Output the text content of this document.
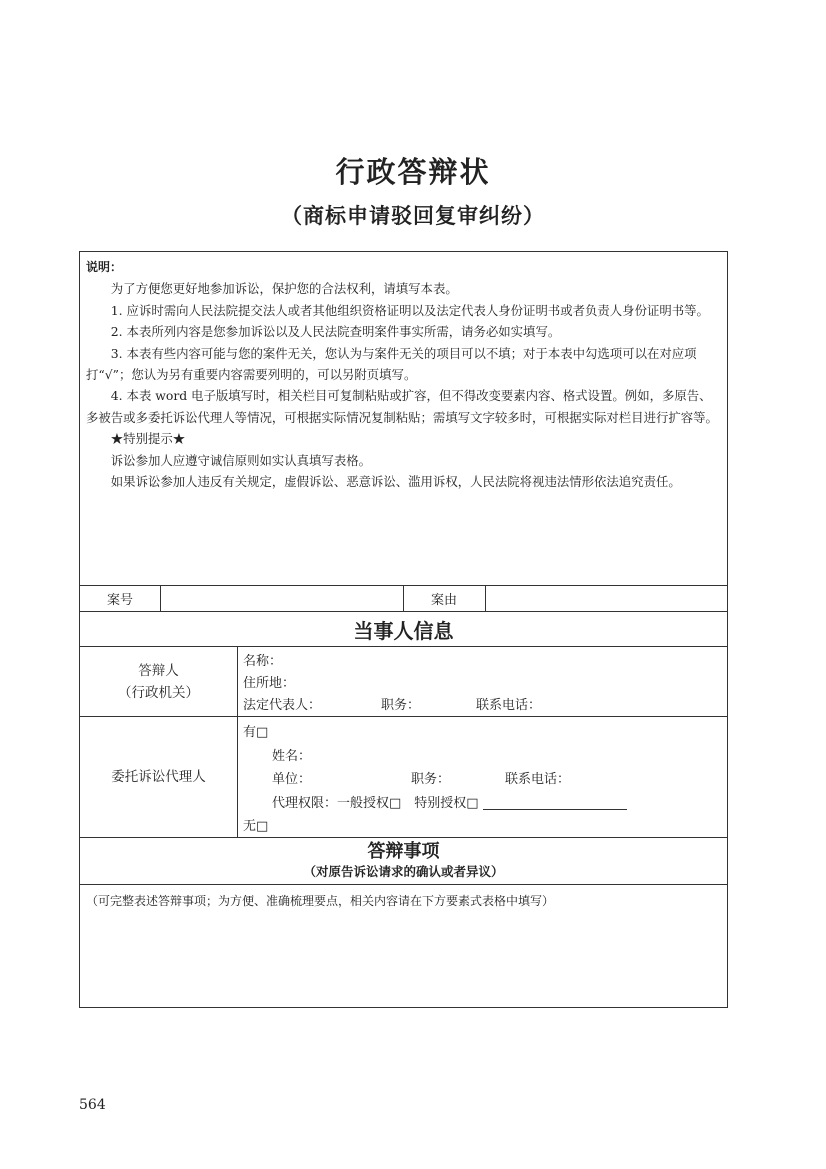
行政答辩状
（商标申请驳回复审纠纷）

说明：

为了方便您更好地参加诉讼，保护您的合法权利，请填写本表。

1. 应诉时需向人民法院提交法人或者其他组织资格证明以及法定代表人身份证明书或者负责人身份证明书等。

2. 本表所列内容是您参加诉讼以及人民法院查明案件事实所需，请务必如实填写。

3. 本表有些内容可能与您的案件无关，您认为与案件无关的项目可以不填；对于本表中勾选项可以在对应项打“√”；您认为另有重要内容需要列明的，可以另附页填写。

4. 本表 word 电子版填写时，相关栏目可复制粘贴或扩容，但不得改变要素内容、格式设置。例如，多原告、多被告或多委托诉讼代理人等情况，可根据实际情况复制粘贴；需填写文字较多时，可根据实际对栏目进行扩容等。

★特别提示★

诉讼参加人应遵守诚信原则如实认真填写表格。

如果诉讼参加人违反有关规定，虚假诉讼、恶意诉讼、滥用诉权，人民法院将视违法情形依法追究责任。

案号	案由
当事人信息
答辩人
（行政机关）
名称：
住所地：
法定代表人：	职务：	联系电话：
委托诉讼代理人
有□
姓名：
单位：	职务：	联系电话：
代理权限：一般授权□　特别授权□
无□
答辩事项
（对原告诉讼请求的确认或者异议）
（可完整表述答辩事项；为方便、准确梳理要点，相关内容请在下方要素式表格中填写）
564
